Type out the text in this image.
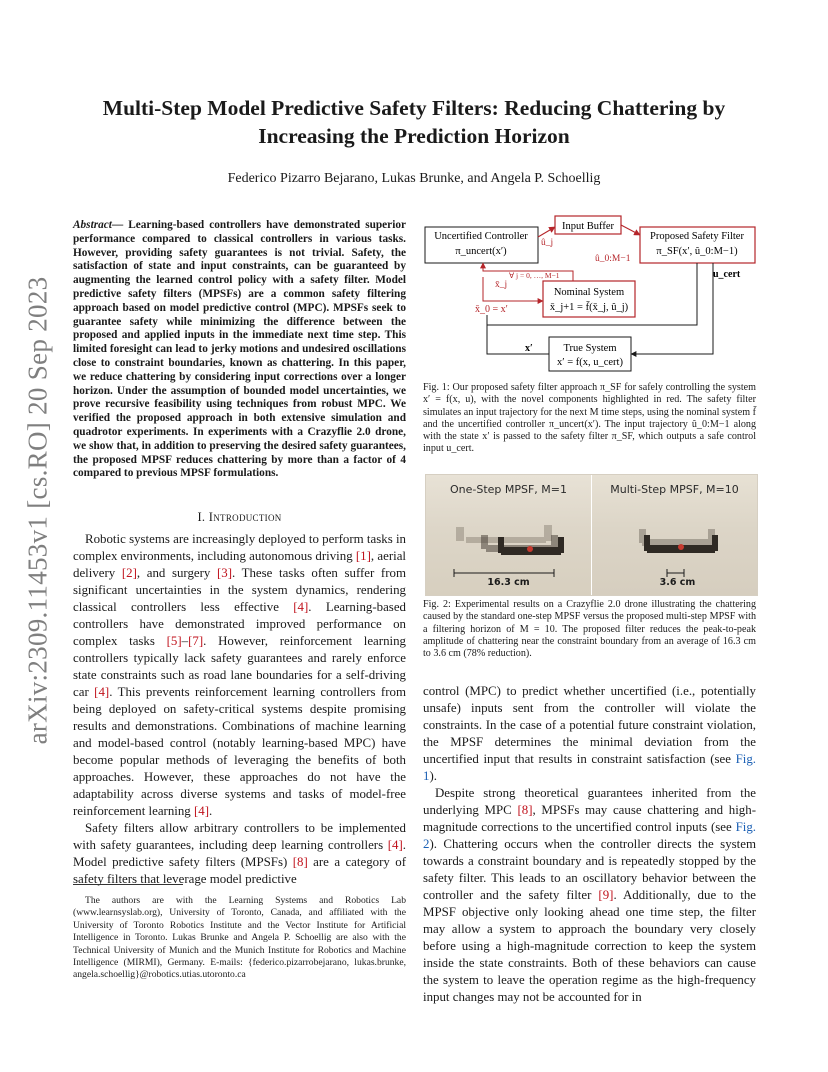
arXiv:2309.11453v1 [cs.RO] 20 Sep 2023
Multi-Step Model Predictive Safety Filters: Reducing Chattering by
Increasing the Prediction Horizon
Federico Pizarro Bejarano, Lukas Brunke, and Angela P. Schoellig
Abstract— Learning-based controllers have demonstrated superior performance compared to classical controllers in various tasks. However, providing safety guarantees is not trivial. Safety, the satisfaction of state and input constraints, can be guaranteed by augmenting the learned control policy with a safety filter. Model predictive safety filters (MPSFs) are a common safety filtering approach based on model predictive control (MPC). MPSFs seek to guarantee safety while minimizing the difference between the proposed and applied inputs in the immediate next time step. This limited foresight can lead to jerky motions and undesired oscillations close to constraint boundaries, known as chattering. In this paper, we reduce chattering by considering input corrections over a longer horizon. Under the assumption of bounded model uncertainties, we prove recursive feasibility using techniques from robust MPC. We verified the proposed approach in both extensive simulation and quadrotor experiments. In experiments with a Crazyflie 2.0 drone, we show that, in addition to preserving the desired safety guarantees, the proposed MPSF reduces chattering by more than a factor of 4 compared to previous MPSF formulations.
I. Introduction

Robotic systems are increasingly deployed to perform tasks in complex environments, including autonomous driving [1], aerial delivery [2], and surgery [3]. These tasks often suffer from significant uncertainties in the system dynamics, rendering classical controllers less effective [4]. Learning-based controllers have demonstrated improved performance on complex tasks [5]–[7]. However, reinforcement learning controllers typically lack safety guarantees and rarely enforce state constraints such as road lane boundaries for a self-driving car [4]. This prevents reinforcement learning controllers from being deployed on safety-critical systems despite promising results and demonstrations. Combinations of machine learning and model-based control (notably learning-based MPC) have become popular methods of leveraging the benefits of both approaches. However, these approaches do not have the adaptability across diverse systems and tasks of model-free reinforcement learning [4].

Safety filters allow arbitrary controllers to be implemented with safety guarantees, including deep learning controllers [4]. Model predictive safety filters (MPSFs) [8] are a category of safety filters that leverage model predictive

The authors are with the Learning Systems and Robotics Lab (www.learnsyslab.org), University of Toronto, Canada, and affiliated with the University of Toronto Robotics Institute and the Vector Institute for Artificial Intelligence in Toronto. Lukas Brunke and Angela P. Schoellig are also with the Technical University of Munich and the Munich Institute for Robotics and Machine Intelligence (MIRMI), Germany. E-mails: {federico.pizarrobejarano, lukas.brunke, angela.schoellig}@robotics.utias.utoronto.ca

Uncertified Controller
π_uncert(x′)
Input Buffer
Proposed Safety Filter
π_SF(x′, û_0:M−1)
Nominal System
x̄_j+1 = f̄(x̄_j, û_j)
True System
x′ = f(x, u_cert)
û_j
û_0:M−1
∀ j = 0, …, M−1
x̄_j
x̄_0 = x′
u_cert
x′
Fig. 1: Our proposed safety filter approach π_SF for safely controlling the system x′ = f(x, u), with the novel components highlighted in red. The safety filter simulates an input trajectory for the next M time steps, using the nominal system f̄ and the uncertified controller π_uncert(x′). The input trajectory û_0:M−1 along with the state x′ is passed to the safety filter π_SF, which outputs a safe control input u_cert.
One-Step MPSF, M=1
16.3 cm
Multi-Step MPSF, M=10
3.6 cm
Fig. 2: Experimental results on a Crazyflie 2.0 drone illustrating the chattering caused by the standard one-step MPSF versus the proposed multi-step MPSF with a filtering horizon of M = 10. The proposed filter reduces the peak-to-peak amplitude of chattering near the constraint boundary from an average of 16.3 cm to 3.6 cm (78% reduction).

control (MPC) to predict whether uncertified (i.e., potentially unsafe) inputs sent from the controller will violate the constraints. In the case of a potential future constraint violation, the MPSF determines the minimal deviation from the uncertified input that results in constraint satisfaction (see Fig. 1).

Despite strong theoretical guarantees inherited from the underlying MPC [8], MPSFs may cause chattering and high-magnitude corrections to the uncertified control inputs (see Fig. 2). Chattering occurs when the controller directs the system towards a constraint boundary and is repeatedly stopped by the safety filter. This leads to an oscillatory behavior between the controller and the safety filter [9]. Additionally, due to the MPSF objective only looking ahead one time step, the filter may allow a system to approach the boundary very closely before using a high-magnitude correction to keep the system inside the state constraints. Both of these behaviors can cause the system to leave the operation regime as the high-frequency input changes may not be accounted for in
